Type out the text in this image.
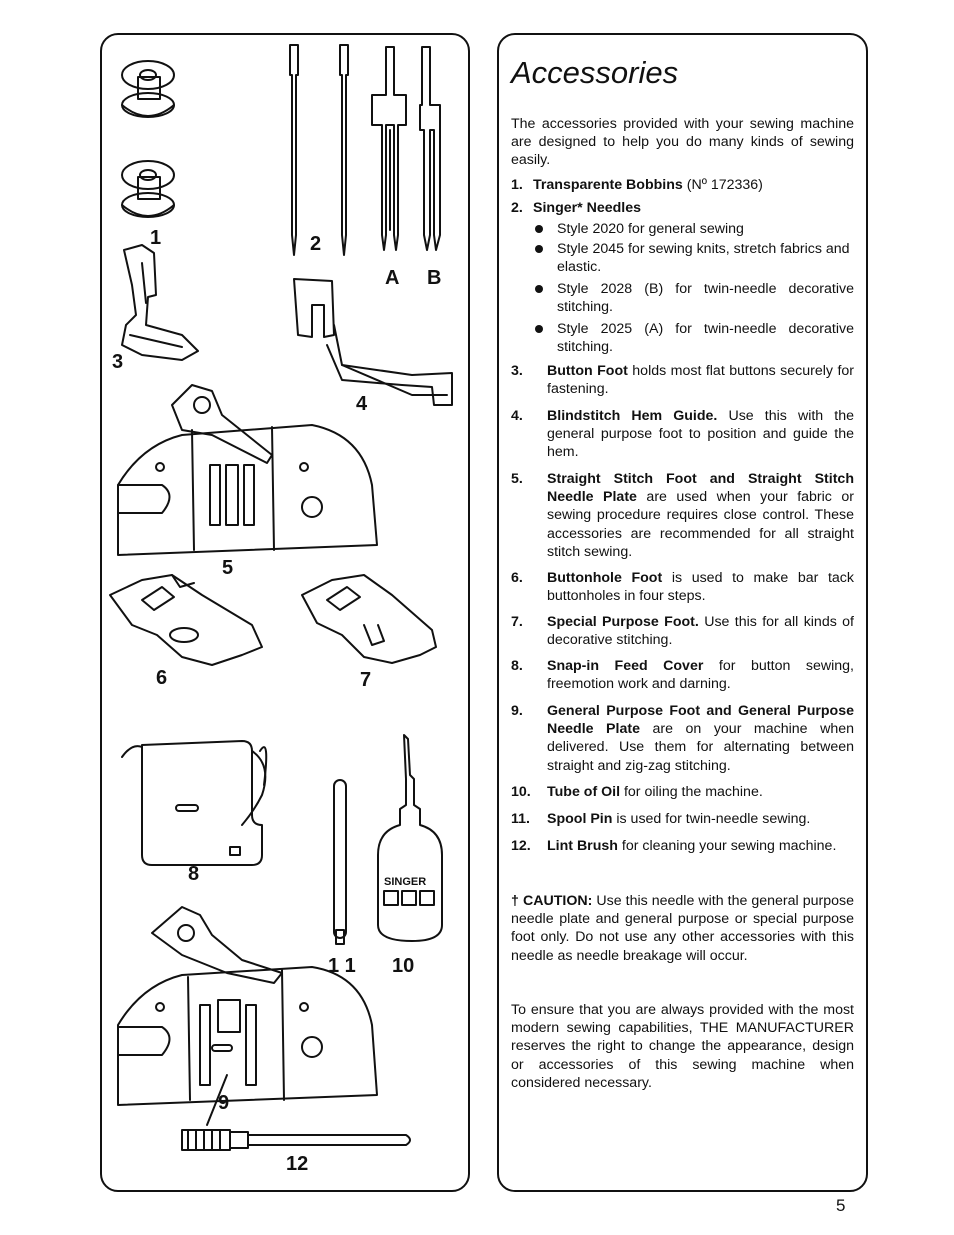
SINGER
1	2
A B
3
4
5
6	7
8
1 1 10
9
12
Accessories
The accessories provided with your sewing machine are designed to help you do many kinds of sewing easily.
1. Transparente Bobbins (Nº 172336)
2. Singer* Needles
Style 2020 for general sewing
Style 2045 for sewing knits, stretch fabrics and elastic.
Style 2028 (B) for twin-needle decorative stitching.
Style 2025 (A) for twin-needle decorative stitching.
3. Button Foot holds most flat buttons securely for fastening.
4. Blindstitch Hem Guide. Use this with the general purpose foot to position and guide the hem.
5. Straight Stitch Foot and Straight Stitch Needle Plate are used when your fabric or sewing procedure requires close control. These accessories are recommended for all straight stitch sewing.
6. Buttonhole Foot is used to make bar tack buttonholes in four steps.
7. Special Purpose Foot. Use this for all kinds of decorative stitching.
8. Snap-in Feed Cover for button sewing, freemotion work and darning.
9. General Purpose Foot and General Purpose Needle Plate are on your machine when delivered. Use them for alternating between straight and zig-zag stitching.
10. Tube of Oil for oiling the machine.
11. Spool Pin is used for twin-needle sewing.
12. Lint Brush for cleaning your sewing machine.
† CAUTION: Use this needle with the general purpose needle plate and general purpose or special purpose foot only. Do not use any other accessories with this needle as needle breakage will occur.
To ensure that you are always provided with the most modern sewing capabilities, THE MANUFACTURER reserves the right to change the appearance, design or accessories of this sewing machine when considered necessary.
5
